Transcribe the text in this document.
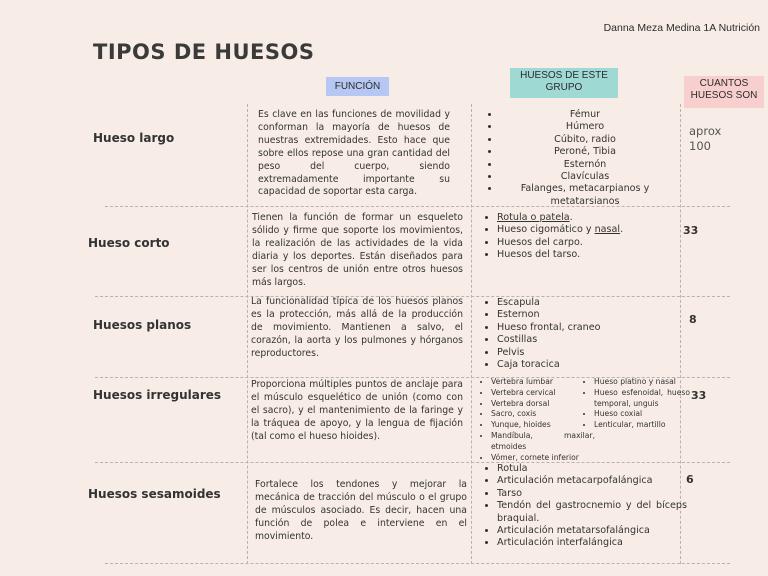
Danna Meza Medina 1A Nutrición
TIPOS DE HUESOS
FUNCIÓN
HUESOS DE ESTE GRUPO	CUANTOS HUESOS SON
Hueso largo
Es clave en las funciones de movilidad y conforman la mayoría de huesos de nuestras extremidades. Esto hace que sobre ellos repose una gran cantidad del peso del cuerpo, siendo extremadamente importante su capacidad de soportar esta carga.
• Fémur
• Húmero
• Cúbito, radio
• Peroné, Tibia
• Esternón
• Clavículas
• Falanges, metacarpianos y metatarsianos
aprox 100
Hueso corto
Tienen la función de formar un esqueleto sólido y firme que soporte los movimientos, la realización de las actividades de la vida diaria y los deportes. Están diseñados para ser los centros de unión entre otros huesos más largos.
• Rotula o patela.
• Hueso cigomático y nasal.
• Huesos del carpo.
• Huesos del tarso.
33
Huesos planos
La funcionalidad típica de los huesos planos es la protección, más allá de la producción de movimiento. Mantienen a salvo, el corazón, la aorta y los pulmones y hórganos reproductores.
• Escapula
• Esternon
• Hueso frontal, craneo
• Costillas
• Pelvis
• Caja toracica
8
Huesos irregulares
Proporciona múltiples puntos de anclaje para el músculo esquelético de unión (como con el sacro), y el mantenimiento de la faringe y la tráquea de apoyo, y la lengua de fijación (tal como el hueso hioides).
• Vertebra lumbar
• Vertebra cervical
• Vertebra dorsal
• Sacro, coxis
• Yunque, hioides
• Mandíbula, maxilar, etmoides
• Vómer, cornete inferior
• Hueso platino y nasal
• Hueso esfenoidal, hueso temporal, unguis
• Hueso coxial
• Lenticular, martillo
33
Huesos sesamoides
Fortalece los tendones y mejorar la mecánica de tracción del músculo o el grupo de músculos asociado. Es decir, hacen una función de polea e interviene en el movimiento.
• Rotula
• Articulación metacarpofalángica
• Tarso
• Tendón del gastrocnemio y del bíceps braquial.
• Articulación metatarsofalángica
• Articulación interfalángica
6
